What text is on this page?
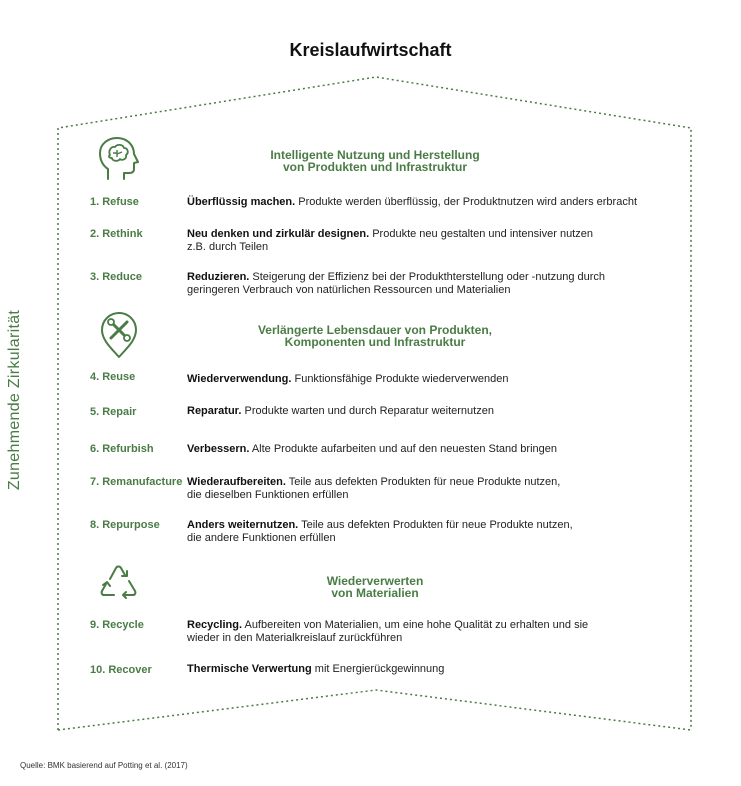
Kreislaufwirtschaft
Zunehmende Zirkularität
Intelligente Nutzung und Herstellung
von Produkten und Infrastruktur
Verlängerte Lebensdauer von Produkten,
Komponenten und Infrastruktur
Wiederverwerten
von Materialien
1. Refuse	Überflüssig machen. Produkte werden überflüssig, der Produktnutzen wird anders erbracht

2. Rethink	Neu denken und zirkulär designen. Produkte neu gestalten und intensiver nutzen
z.B. durch Teilen
3. Reduce	Reduzieren. Steigerung der Effizienz bei der Produkthterstellung oder -nutzung durch
geringeren Verbrauch von natürlichen Ressourcen und Materialien
4. Reuse	Wiederverwendung. Funktionsfähige Produkte wiederverwenden

5. Repair	Reparatur. Produkte warten und durch Reparatur weiternutzen

6. Refurbish	Verbessern. Alte Produkte aufarbeiten und auf den neuesten Stand bringen

7. Remanufacture Wiederaufbereiten. Teile aus defekten Produkten für neue Produkte nutzen,
die dieselben Funktionen erfüllen
8. Repurpose Anders weiternutzen. Teile aus defekten Produkten für neue Produkte nutzen,
die andere Funktionen erfüllen
9. Recycle	Recycling. Aufbereiten von Materialien, um eine hohe Qualität zu erhalten und sie
wieder in den Materialkreislauf zurückführen
10. Recover	Thermische Verwertung mit Energierückgewinnung

Quelle: BMK basierend auf Potting et al. (2017)
